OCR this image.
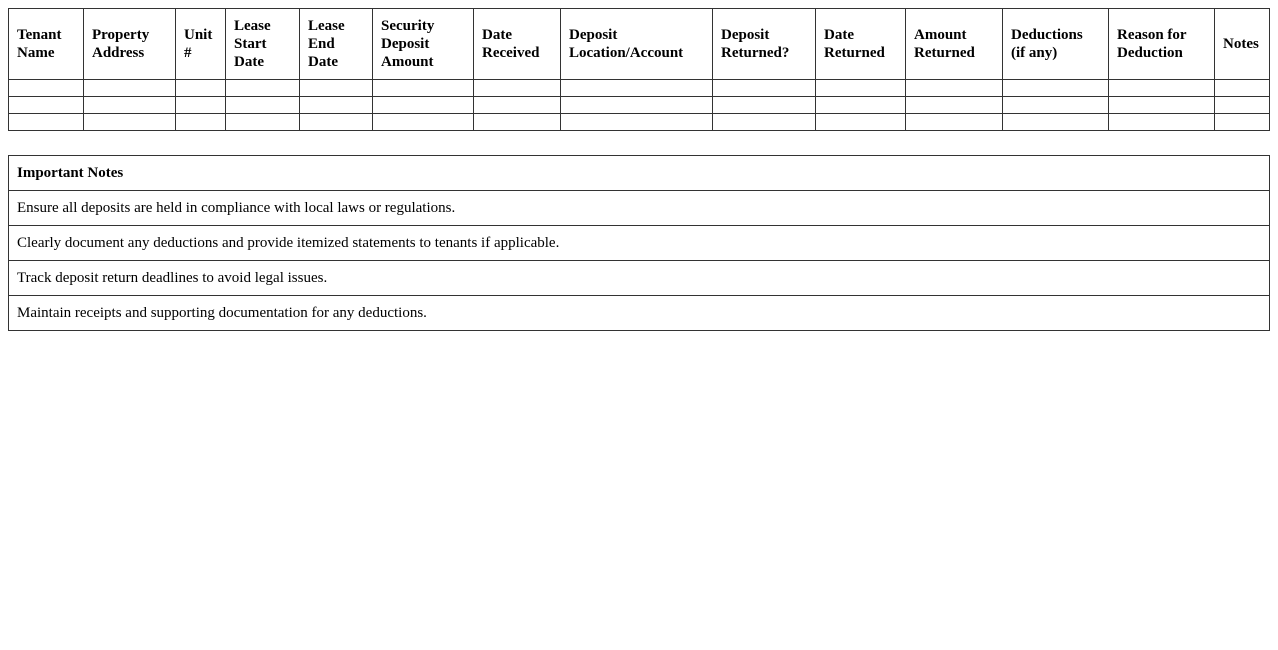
Tenant Name	Property Address	Unit #	Lease Start Date	Lease End Date	Security Deposit Amount	Date Received	Deposit Location/Account	Deposit Returned?	Date Returned	Amount Returned	Deductions (if any)	Reason for Deduction	Notes

Important Notes
Ensure all deposits are held in compliance with local laws or regulations.
Clearly document any deductions and provide itemized statements to tenants if applicable.
Track deposit return deadlines to avoid legal issues.
Maintain receipts and supporting documentation for any deductions.
